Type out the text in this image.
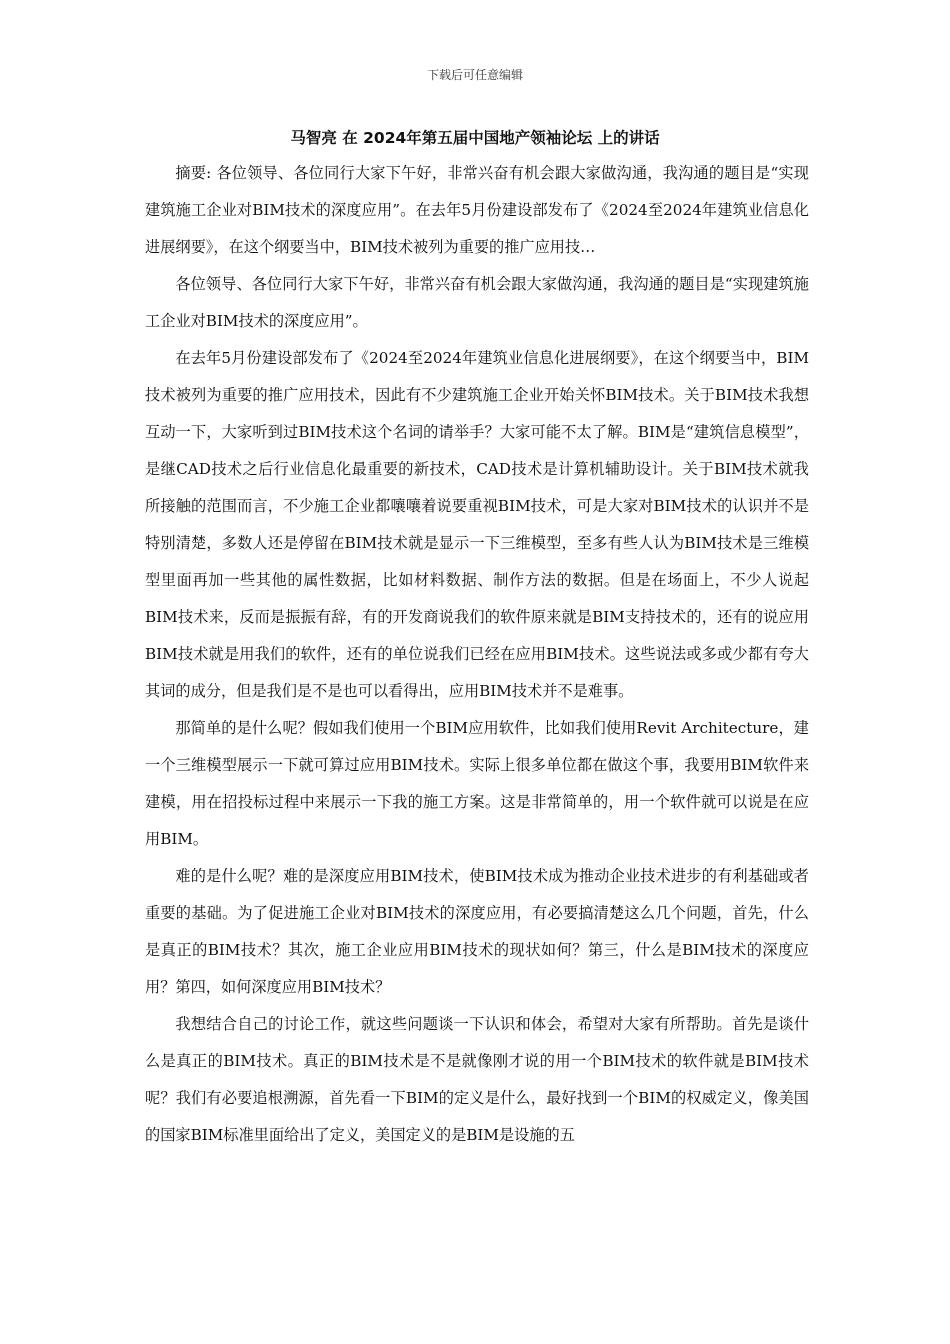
下载后可任意编辑
马智亮 在 2024年第五届中国地产领袖论坛 上的讲话

摘要: 各位领导、各位同行大家下午好，非常兴奋有机会跟大家做沟通，我沟通的题目是“实现建筑施工企业对BIM技术的深度应用”。在去年5月份建设部发布了《2024至2024年建筑业信息化进展纲要》，在这个纲要当中，BIM技术被列为重要的推广应用技…

各位领导、各位同行大家下午好，非常兴奋有机会跟大家做沟通，我沟通的题目是“实现建筑施工企业对BIM技术的深度应用”。

在去年5月份建设部发布了《2024至2024年建筑业信息化进展纲要》，在这个纲要当中，BIM技术被列为重要的推广应用技术，因此有不少建筑施工企业开始关怀BIM技术。关于BIM技术我想互动一下，大家听到过BIM技术这个名词的请举手？大家可能不太了解。BIM是“建筑信息模型”，是继CAD技术之后行业信息化最重要的新技术，CAD技术是计算机辅助设计。关于BIM技术就我所接触的范围而言，不少施工企业都嚷嚷着说要重视BIM技术，可是大家对BIM技术的认识并不是特别清楚，多数人还是停留在BIM技术就是显示一下三维模型，至多有些人认为BIM技术是三维模型里面再加一些其他的属性数据，比如材料数据、制作方法的数据。但是在场面上，不少人说起BIM技术来，反而是振振有辞，有的开发商说我们的软件原来就是BIM支持技术的，还有的说应用BIM技术就是用我们的软件，还有的单位说我们已经在应用BIM技术。这些说法或多或少都有夸大其词的成分，但是我们是不是也可以看得出，应用BIM技术并不是难事。

那简单的是什么呢？假如我们使用一个BIM应用软件，比如我们使用Revit Architecture，建一个三维模型展示一下就可算过应用BIM技术。实际上很多单位都在做这个事，我要用BIM软件来建模，用在招投标过程中来展示一下我的施工方案。这是非常简单的，用一个软件就可以说是在应用BIM。

难的是什么呢？难的是深度应用BIM技术，使BIM技术成为推动企业技术进步的有利基础或者重要的基础。为了促进施工企业对BIM技术的深度应用，有必要搞清楚这么几个问题，首先，什么是真正的BIM技术？其次，施工企业应用BIM技术的现状如何？第三，什么是BIM技术的深度应用？第四，如何深度应用BIM技术？

我想结合自己的讨论工作，就这些问题谈一下认识和体会，希望对大家有所帮助。首先是谈什么是真正的BIM技术。真正的BIM技术是不是就像刚才说的用一个BIM技术的软件就是BIM技术呢？我们有必要追根溯源，首先看一下BIM的定义是什么，最好找到一个BIM的权威定义，像美国的国家BIM标准里面给出了定义，美国定义的是BIM是设施的五
